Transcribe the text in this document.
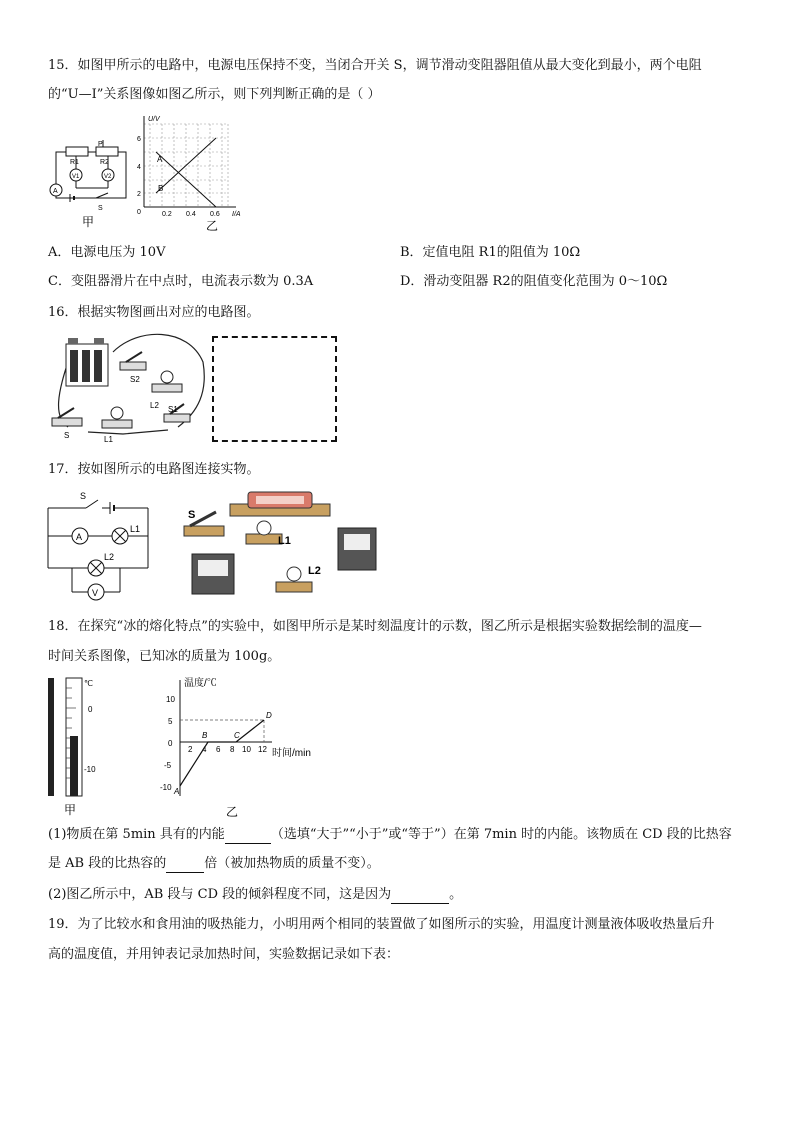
15．如图甲所示的电路中，电源电压保持不变，当闭合开关 S，调节滑动变阻器阻值从最大变化到最小，两个电阻
的“U—I”关系图像如图乙所示，则下列判断正确的是（ ）
R1	R2
P
A
V1	V2
S
甲
U/V
I/A
6
4
2
0	0.2 0.4 0.6
A
B
乙
A．电源电压为 10V	B．定值电阻 R1的阻值为 10Ω
C．变阻器滑片在中点时，电流表示数为 0.3A	D．滑动变阻器 R2的阻值变化范围为 0～10Ω
16．根据实物图画出对应的电路图。
S2
L2 S1
S	L1
17．按如图所示的电路图连接实物。
S
A
L1
L2
V
S
L1
L2
18．在探究“冰的熔化特点”的实验中，如图甲所示是某时刻温度计的示数，图乙所示是根据实验数据绘制的温度—
时间关系图像，已知冰的质量为 100g。
℃
0
-10
甲
温度/℃
时间/min
10
5
0
-5
-10
2 4 6 8 10 12
A
B	C
D
乙
(1)物质在第 5min 具有的内能	（选填“大于”“小于”或“等于”）在第 7min 时的内能。该物质在 CD 段的比热容
是 AB 段的比热容的	倍（被加热物质的质量不变）。
(2)图乙所示中，AB 段与 CD 段的倾斜程度不同，这是因为	。
19．为了比较水和食用油的吸热能力，小明用两个相同的装置做了如图所示的实验，用温度计测量液体吸收热量后升
高的温度值，并用钟表记录加热时间，实验数据记录如下表：
